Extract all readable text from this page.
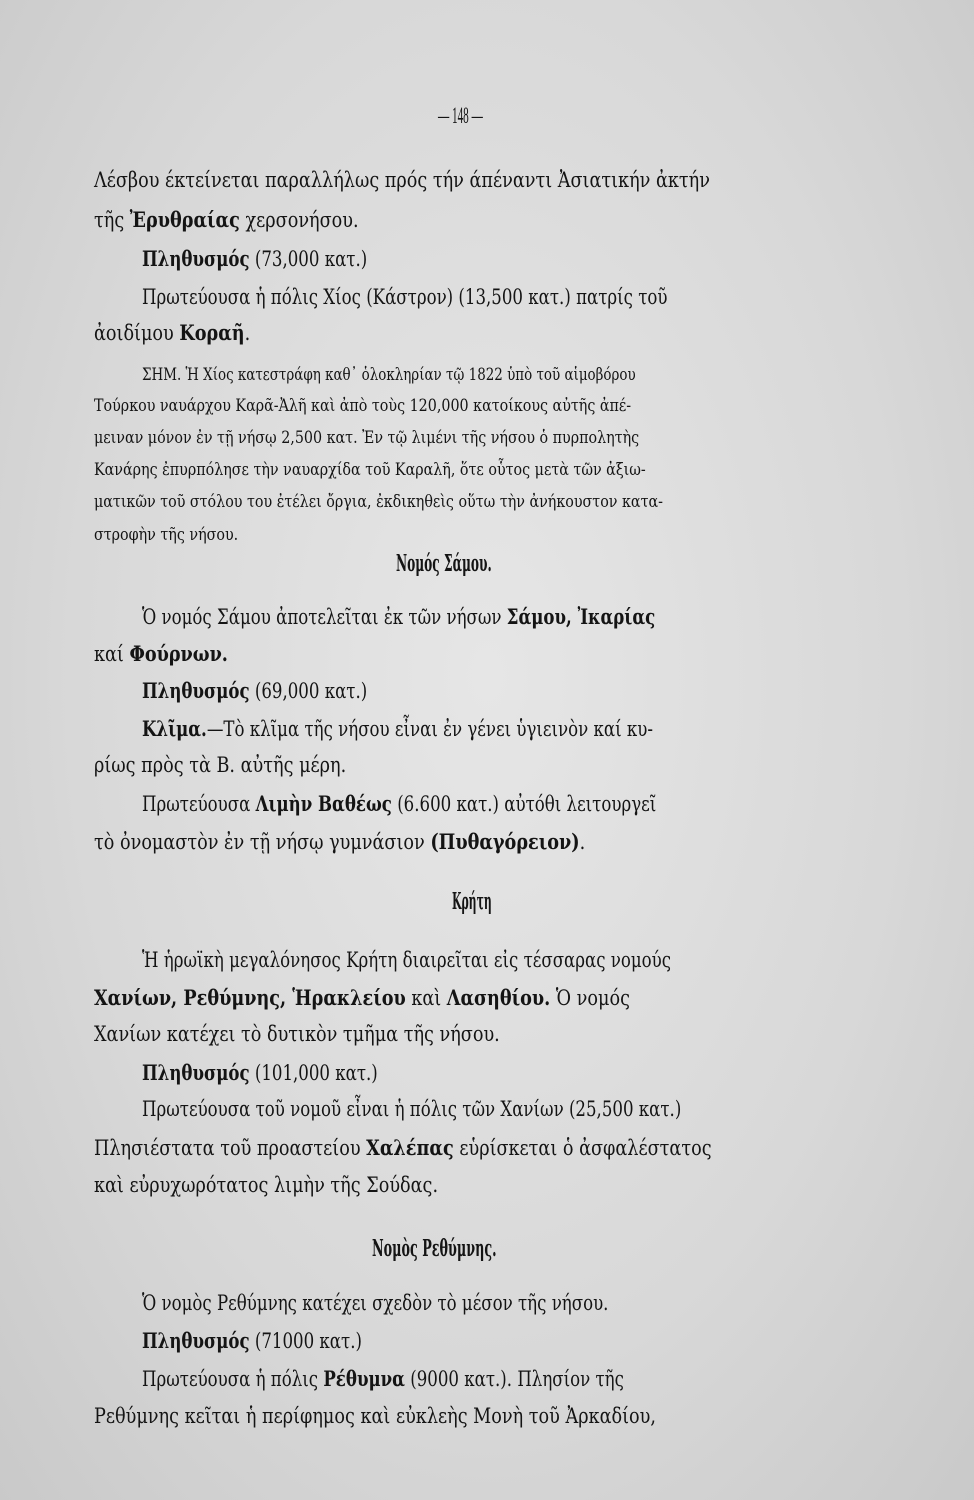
— 148 —
Λέσβου έκτείνεται παραλλήλως πρός τήν άπέναντι Ἀσιατικήν ἀκτήν
τῆς Ἐρυθραίας χερσονήσου.
Πληθυσμός (73,000 κατ.)
Πρωτεύουσα ἡ πόλις Χίος (Κάστρον) (13,500 κατ.) πατρίς τοῦ
ἀοιδίμου Κοραῆ.
ΣΗΜ. Ἡ Χίος κατεστράφη καθ᾽ ὁλοκληρίαν τῷ 1822 ὑπὸ τοῦ αἱμοβόρου
Τούρκου ναυάρχου Καρᾶ-Ἀλῆ καὶ ἀπὸ τοὺς 120,000 κατοίκους αὐτῆς ἀπέ-
μειναν μόνον ἐν τῇ νήσῳ 2,500 κατ. Ἐν τῷ λιμένι τῆς νήσου ὁ πυρπολητὴς
Κανάρης ἐπυρπόλησε τὴν ναυαρχίδα τοῦ Καραλῆ, ὅτε οὗτος μετὰ τῶν ἀξιω-
ματικῶν τοῦ στόλου του ἐτέλει ὄργια, ἐκδικηθεὶς οὕτω τὴν ἀνήκουστον κατα-
στροφὴν τῆς νήσου.
Νομός Σάμου.
Ὁ νομός Σάμου ἀποτελεῖται ἐκ τῶν νήσων Σάμου, Ἰκαρίας
καί Φούρνων.
Πληθυσμός (69,000 κατ.)
Κλῖμα.—Τὸ κλῖμα τῆς νήσου εἶναι ἐν γένει ὑγιεινὸν καί κυ-
ρίως πρὸς τὰ Β. αὐτῆς μέρη.
Πρωτεύουσα Λιμὴν Βαθέως (6.600 κατ.) αὐτόθι λειτουργεῖ
τὸ ὀνομαστὸν ἐν τῇ νήσῳ γυμνάσιον (Πυθαγόρειον).
Κρήτη
Ἡ ἡρωϊκὴ μεγαλόνησος Κρήτη διαιρεῖται εἰς τέσσαρας νομούς
Χανίων, Ρεθύμνης, Ἡρακλείου καὶ Λασηθίου. Ὁ νομός
Χανίων κατέχει τὸ δυτικὸν τμῆμα τῆς νήσου.
Πληθυσμός (101,000 κατ.)
Πρωτεύουσα τοῦ νομοῦ εἶναι ἡ πόλις τῶν Χανίων (25,500 κατ.)
Πλησιέστατα τοῦ προαστείου Χαλέπας εὑρίσκεται ὁ ἀσφαλέστατος
καὶ εὐρυχωρότατος λιμὴν τῆς Σούδας.
Νομὸς Ρεθύμνης.
Ὁ νομὸς Ρεθύμνης κατέχει σχεδὸν τὸ μέσον τῆς νήσου.
Πληθυσμός (71000 κατ.)
Πρωτεύουσα ἡ πόλις Ρέθυμνα (9000 κατ.). Πλησίον τῆς
Ρεθύμνης κεῖται ἡ περίφημος καὶ εὐκλεὴς Μονὴ τοῦ Ἀρκαδίου,
